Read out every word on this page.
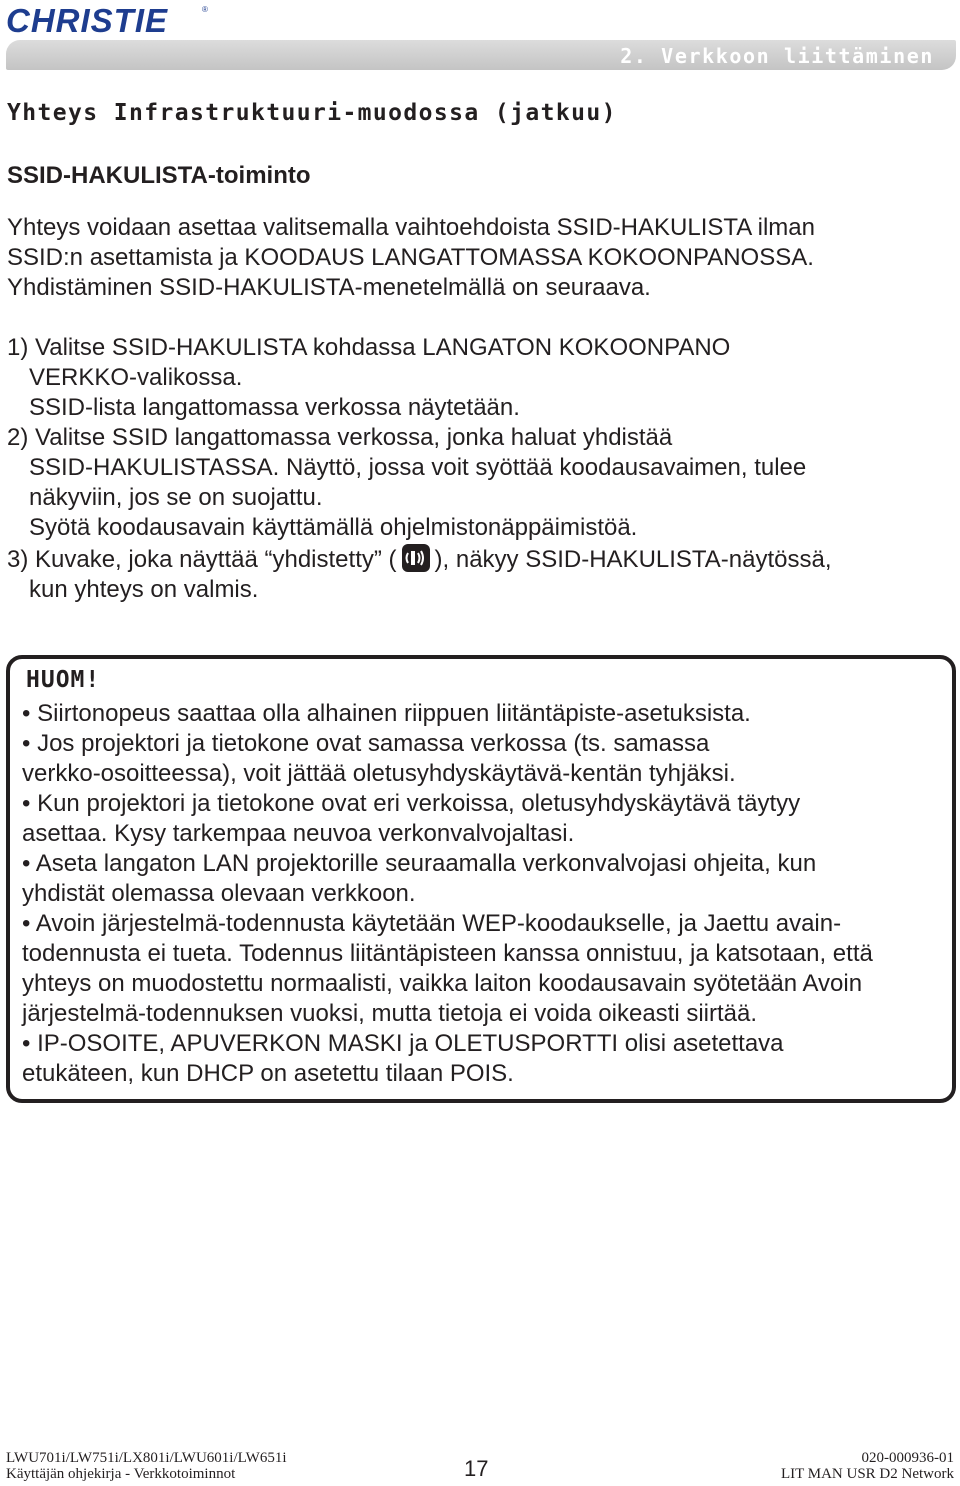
CHRISTIE	®
2. Verkkoon liittäminen
Yhteys Infrastruktuuri-muodossa (jatkuu)
SSID-HAKULISTA-toiminto

Yhteys voidaan asettaa valitsemalla vaihtoehdoista SSID-HAKULISTA ilman

SSID:n asettamista ja KOODAUS LANGATTOMASSA KOKOONPANOSSA.

Yhdistäminen SSID-HAKULISTA-menetelmällä on seuraava.

1) Valitse SSID-HAKULISTA kohdassa LANGATON KOKOONPANO
VERKKO-valikossa.
SSID-lista langattomassa verkossa näytetään.
2) Valitse SSID langattomassa verkossa, jonka haluat yhdistää
SSID-HAKULISTASSA. Näyttö, jossa voit syöttää koodausavaimen, tulee
näkyviin, jos se on suojattu.
Syötä koodausavain käyttämällä ohjelmistonäppäimistöä.
3) Kuvake, joka näyttää “yhdistetty” ( ), näkyy SSID-HAKULISTA-näytössä,
kun yhteys on valmis.
HUOM!
• Siirtonopeus saattaa olla alhainen riippuen liitäntäpiste-asetuksista.
• Jos projektori ja tietokone ovat samassa verkossa (ts. samassa
verkko-osoitteessa), voit jättää oletusyhdyskäytävä-kentän tyhjäksi.
• Kun projektori ja tietokone ovat eri verkoissa, oletusyhdyskäytävä täytyy
asettaa. Kysy tarkempaa neuvoa verkonvalvojaltasi.
• Aseta langaton LAN projektorille seuraamalla verkonvalvojasi ohjeita, kun
yhdistät olemassa olevaan verkkoon.
• Avoin järjestelmä-todennusta käytetään WEP-koodaukselle, ja Jaettu avain-
todennusta ei tueta. Todennus liitäntäpisteen kanssa onnistuu, ja katsotaan, että
yhteys on muodostettu normaalisti, vaikka laiton koodausavain syötetään Avoin
järjestelmä-todennuksen vuoksi, mutta tietoja ei voida oikeasti siirtää.
• IP-OSOITE, APUVERKON MASKI ja OLETUSPORTTI olisi asetettava
etukäteen, kun DHCP on asetettu tilaan POIS.
LWU701i/LW751i/LX801i/LWU601i/LW651i
Käyttäjän ohjekirja - Verkkotoiminnot	17	020-000936-01
LIT MAN USR D2 Network
